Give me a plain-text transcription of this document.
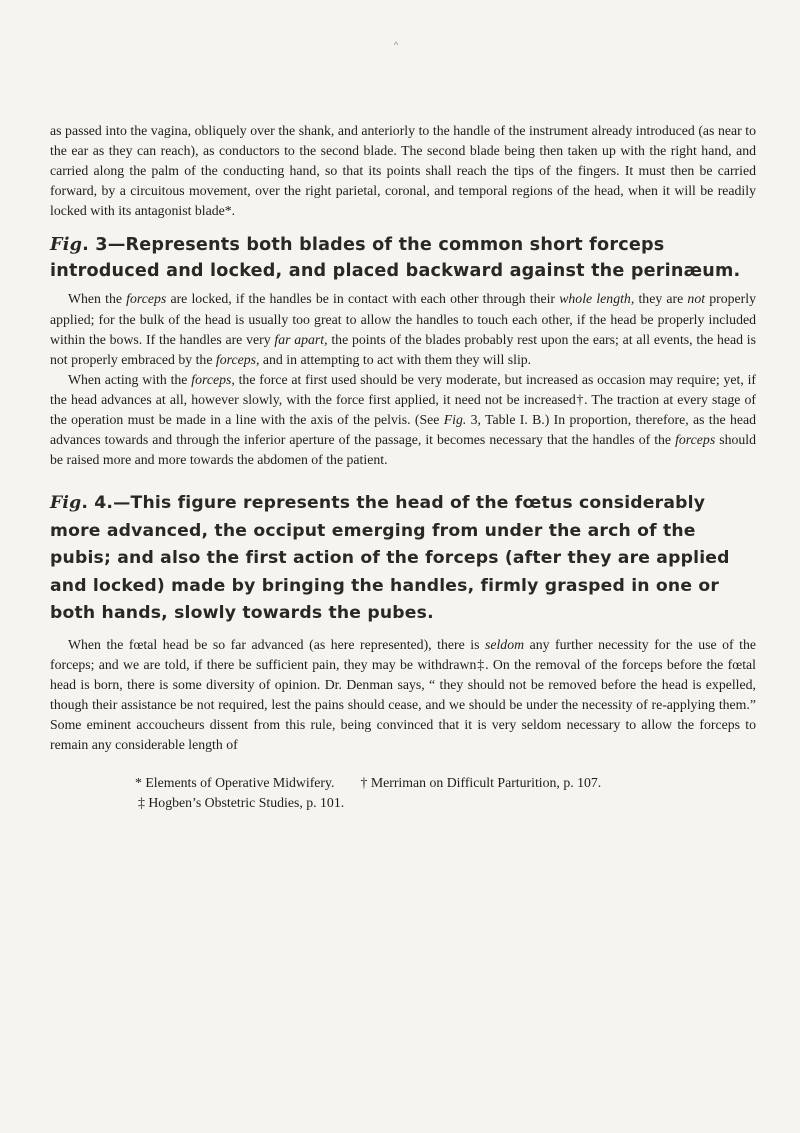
^

as passed into the vagina, obliquely over the shank, and anteriorly to the handle of the instrument already introduced (as near to the ear as they can reach), as conductors to the second blade. The second blade being then taken up with the right hand, and carried along the palm of the conducting hand, so that its points shall reach the tips of the fingers. It must then be carried forward, by a circuitous movement, over the right parietal, coronal, and temporal regions of the head, when it will be readily locked with its antagonist blade*.

Fig. 3—Represents both blades of the common short forceps introduced and locked, and placed backward against the perinæum.

When the forceps are locked, if the handles be in contact with each other through their whole length, they are not properly applied; for the bulk of the head is usually too great to allow the handles to touch each other, if the head be properly included within the bows. If the handles are very far apart, the points of the blades probably rest upon the ears; at all events, the head is not properly embraced by the forceps, and in attempting to act with them they will slip.

When acting with the forceps, the force at first used should be very moderate, but increased as occasion may require; yet, if the head advances at all, however slowly, with the force first applied, it need not be increased†. The traction at every stage of the operation must be made in a line with the axis of the pelvis. (See Fig. 3, Table I. B.) In proportion, therefore, as the head advances towards and through the inferior aperture of the passage, it becomes necessary that the handles of the forceps should be raised more and more towards the abdomen of the patient.

Fig. 4.—This figure represents the head of the fœtus considerably more advanced, the occiput emerging from under the arch of the pubis; and also the first action of the forceps (after they are applied and locked) made by bringing the handles, firmly grasped in one or both hands, slowly towards the pubes.

When the fœtal head be so far advanced (as here represented), there is seldom any further necessity for the use of the forceps; and we are told, if there be sufficient pain, they may be withdrawn‡. On the removal of the forceps before the fœtal head is born, there is some diversity of opinion. Dr. Denman says, “ they should not be removed before the head is expelled, though their assistance be not required, lest the pains should cease, and we should be under the necessity of re-applying them.” Some eminent accoucheurs dissent from this rule, being convinced that it is very seldom necessary to allow the forceps to remain any considerable length of

* Elements of Operative Midwifery. † Merriman on Difficult Parturition, p. 107.
‡ Hogben’s Obstetric Studies, p. 101.
